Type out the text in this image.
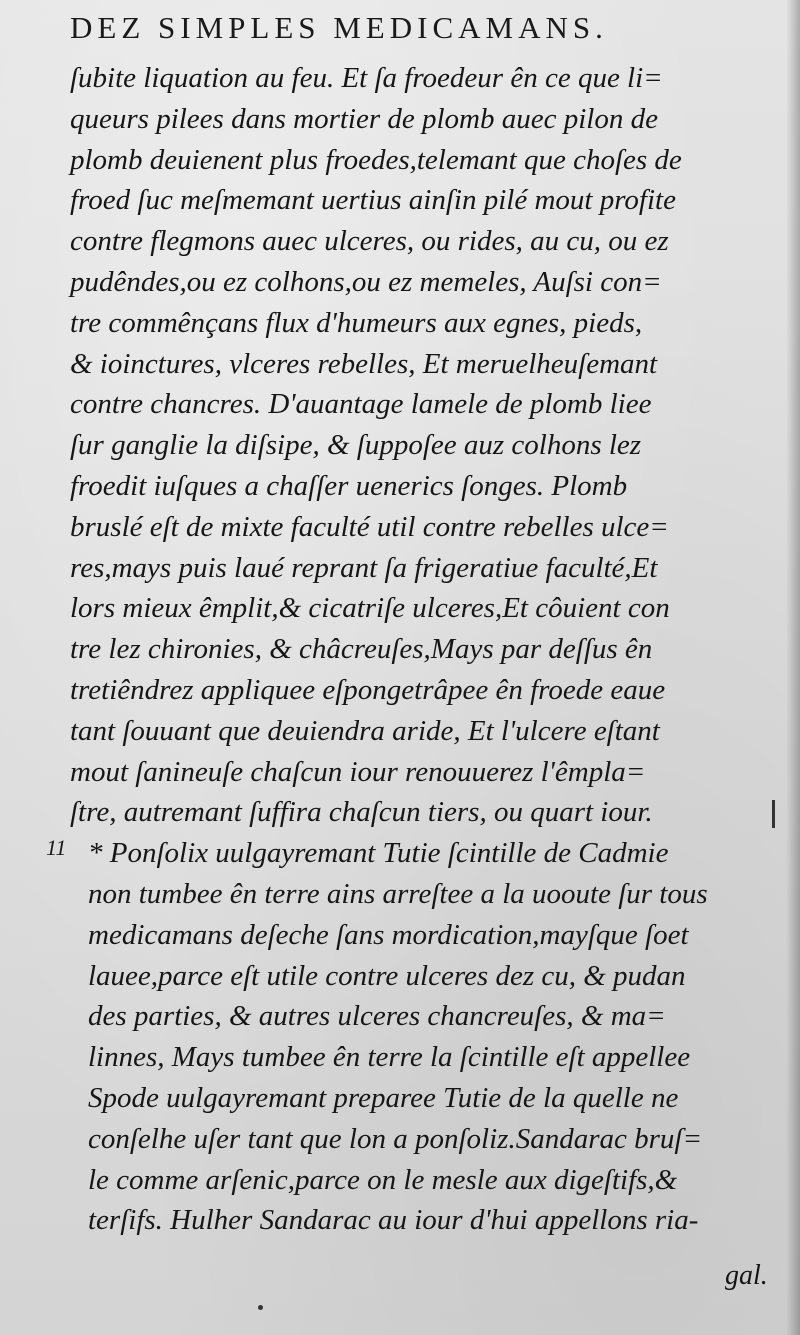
DEZ SIMPLES MEDICAMANS.
11
ſubite liquation au feu. Et ſa froedeur ên ce que li=
queurs pilees dans mortier de plomb auec pilon de
plomb deuienent plus froedes,telemant que choſes de
froed ſuc meſmemant uertius ainſin pilé mout profite
contre flegmons auec ulceres, ou rides, au cu, ou ez
pudêndes,ou ez colhons,ou ez memeles, Auſsi con=
tre commênçans flux d'humeurs aux egnes, pieds,
& ioinctures, vlceres rebelles, Et meruelheuſemant
contre chancres. D'auantage lamele de plomb liee
ſur ganglie la diſsipe, & ſuppoſee auz colhons lez
froedit iuſques a chaſſer uenerics ſonges. Plomb
bruslé eſt de mixte faculté util contre rebelles ulce=
res,mays puis laué reprant ſa frigeratiue faculté,Et
lors mieux êmplit,& cicatriſe ulceres,Et côuient con
tre lez chironies, & châcreuſes,Mays par deſſus ên
tretiêndrez appliquee eſpongetrâpee ên froede eaue
tant ſouuant que deuiendra aride, Et l'ulcere eſtant
mout ſanineuſe chaſcun iour renouuerez l'êmpla=
ſtre, autremant ſuffira chaſcun tiers, ou quart iour.
* Ponſolix uulgayremant Tutie ſcintille de Cadmie
non tumbee ên terre ains arreſtee a la uooute ſur tous
medicamans deſeche ſans mordication,mayſque ſoet
lauee,parce eſt utile contre ulceres dez cu, & pudan
des parties, & autres ulceres chancreuſes, & ma=
linnes, Mays tumbee ên terre la ſcintille eſt appellee
Spode uulgayremant preparee Tutie de la quelle ne
conſelhe uſer tant que lon a ponſoliz.Sandarac bruſ=
le comme arſenic,parce on le mesle aux digeſtifs,&
terſifs. Hulher Sandarac au iour d'hui appellons ria-
gal.
